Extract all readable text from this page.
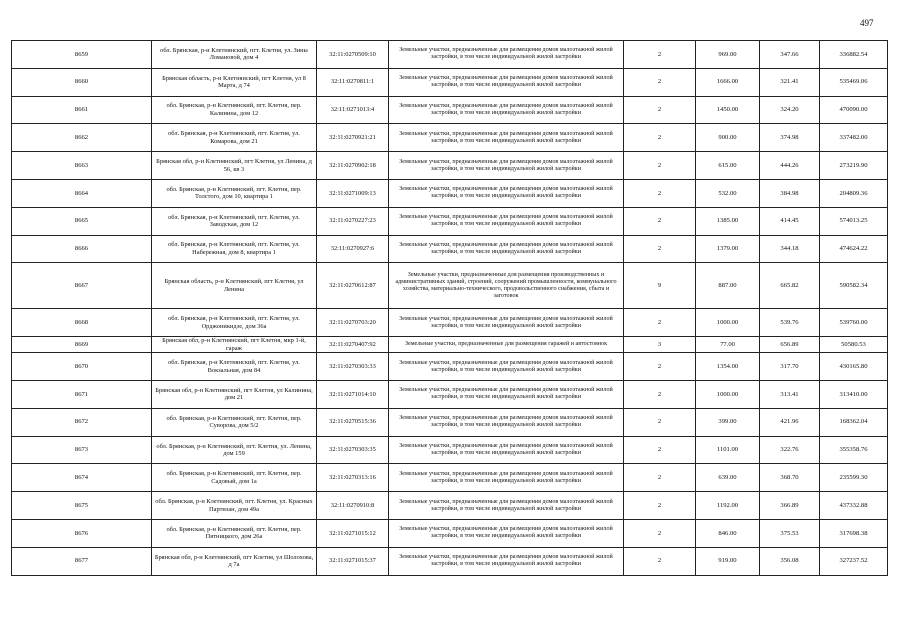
497
8659	обл. Брянская, р-н Клетнянский, пгт. Клетня, ул. Зины Ломановой, дом 4	32:11:0270509:10	Земельные участки, предназначенные для размещения домов малоэтажной жилой застройки, в том числе индивидуальной жилой застройки	2	969.00	347.66	336882.54
8660	Брянская область, р-н Клетнянский, пгт Клетня, ул 8 Марта, д 74	32:11:0270811:1	Земельные участки, предназначенные для размещения домов малоэтажной жилой застройки, в том числе индивидуальной жилой застройки	2	1666.00	321.41	535469.06
8661	обл. Брянская, р-н Клетнянский, пгт. Клетня, пер. Калинина, дом 12	32:11:0271013:4	Земельные участки, предназначенные для размещения домов малоэтажной жилой застройки, в том числе индивидуальной жилой застройки	2	1450.00	324.20	470090.00
8662	обл. Брянская, р-н Клетнянский, пгт. Клетня, ул. Комарова, дом 21	32:11:0270921:21	Земельные участки, предназначенные для размещения домов малоэтажной жилой застройки, в том числе индивидуальной жилой застройки	2	900.00	374.98	337482.00
8663	Брянская обл, р-н Клетнянский, пгт Клетня, ул Ленина, д 56, кв 3	32:11:0270902:18	Земельные участки, предназначенные для размещения домов малоэтажной жилой застройки, в том числе индивидуальной жилой застройки	2	615.00	444.26	273219.90
8664	обл. Брянская, р-н Клетнянский, пгт. Клетня, пер. Толстого, дом 10, квартира 1	32:11:0271009:13	Земельные участки, предназначенные для размещения домов малоэтажной жилой застройки, в том числе индивидуальной жилой застройки	2	532.00	384.98	204809.36
8665	обл. Брянская, р-н Клетнянский, пгт. Клетня, ул. Заводская, дом 12	32:11:0270227:23	Земельные участки, предназначенные для размещения домов малоэтажной жилой застройки, в том числе индивидуальной жилой застройки	2	1385.00	414.45	574013.25
8666	обл. Брянская, р-н Клетнянский, пгт. Клетня, ул. Набережная, дом 8, квартира 1	32:11:0270927:6	Земельные участки, предназначенные для размещения домов малоэтажной жилой застройки, в том числе индивидуальной жилой застройки	2	1379.00	344.18	474624.22
8667	Брянская область, р-н Клетнянский, пгт Клетня, ул Ленина	32:11:0270612:87	Земельные участки, предназначенные для размещения производственных и административных зданий, строений, сооружений промышленности, коммунального хозяйства, материально-технического, продовольственного снабжения, сбыта и заготовок	9	887.00	665.82	590582.34
8668	обл. Брянская, р-н Клетнянский, пгт. Клетня, ул. Орджоникидзе, дом 36а	32:11:0270703:20	Земельные участки, предназначенные для размещения домов малоэтажной жилой застройки, в том числе индивидуальной жилой застройки	2	1000.00	539.76	539760.00
8669	Брянская обл, р-н Клетнянский, пгт Клетня, мкр 1-й, гараж	32:11:0270407:92	Земельные участки, предназначенные для размещения гаражей и автостоянок	3	77.00	656.89	50580.53
8670	обл. Брянская, р-н Клетнянский, пгт. Клетня, ул. Вокзальная, дом 84	32:11:0270303:33	Земельные участки, предназначенные для размещения домов малоэтажной жилой застройки, в том числе индивидуальной жилой застройки	2	1354.00	317.70	430165.80
8671	Брянская обл, р-н Клетнянский, пгт Клетня, ул Калинина, дом 21	32:11:0271014:10	Земельные участки, предназначенные для размещения домов малоэтажной жилой застройки, в том числе индивидуальной жилой застройки	2	1000.00	313.41	313410.00
8672	обл. Брянская, р-н Клетнянский, пгт. Клетня, пер. Суворова, дом 5/2	32:11:0270515:36	Земельные участки, предназначенные для размещения домов малоэтажной жилой застройки, в том числе индивидуальной жилой застройки	2	399.00	421.96	168362.04
8673	обл. Брянская, р-н Клетнянский, пгт. Клетня, ул. Ленина, дом 159	32:11:0270303:35	Земельные участки, предназначенные для размещения домов малоэтажной жилой застройки, в том числе индивидуальной жилой застройки	2	1101.00	322.76	355358.76
8674	обл. Брянская, р-н Клетнянский, пгт. Клетня, пер. Садовый, дом 1а	32:11:0270313:16	Земельные участки, предназначенные для размещения домов малоэтажной жилой застройки, в том числе индивидуальной жилой застройки	2	639.00	368.70	235599.30
8675	обл. Брянская, р-н Клетнянский, пгт. Клетня, ул. Красных Партизан, дом 49а	32:11:0270910:8	Земельные участки, предназначенные для размещения домов малоэтажной жилой застройки, в том числе индивидуальной жилой застройки	2	1192.00	366.89	437332.88
8676	обл. Брянская, р-н Клетнянский, пгт. Клетня, пер. Пятницкого, дом 26а	32:11:0271015:12	Земельные участки, предназначенные для размещения домов малоэтажной жилой застройки, в том числе индивидуальной жилой застройки	2	846.00	375.53	317698.38
8677	Брянская обл, р-н Клетнянский, пгт Клетня, ул Шолохова, д 7а	32:11:0271015:37	Земельные участки, предназначенные для размещения домов малоэтажной жилой застройки, в том числе индивидуальной жилой застройки	2	919.00	356.08	327237.52
